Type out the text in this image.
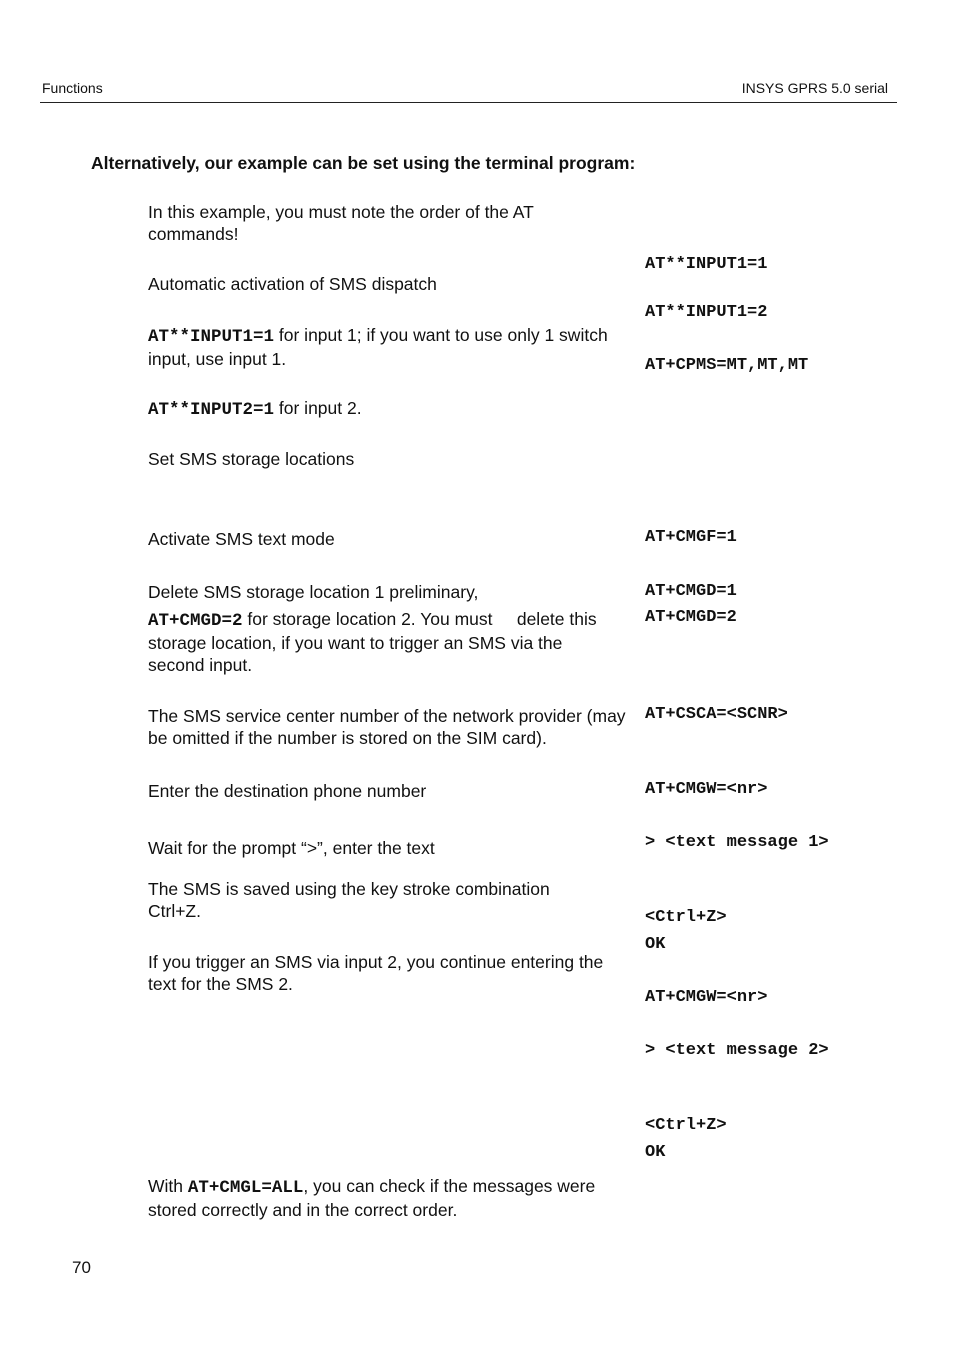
Functions	INSYS GPRS 5.0 serial
Alternatively, our example can be set using the terminal program:
In this example, you must note the order of the AT commands!
Automatic activation of SMS dispatch
AT**INPUT1=1 for input 1; if you want to use only 1 switch input, use input 1.
AT**INPUT2=1 for input 2.
Set SMS storage locations
Activate SMS text mode
Delete SMS storage location 1 preliminary,
AT+CMGD=2 for storage location 2. You must     delete this storage location, if you want to trigger an SMS via the second input.
The SMS service center number of the network provider (may be omitted if the number is stored on the SIM card).
Enter the destination phone number
Wait for the prompt “>”, enter the text
The SMS is saved using the key stroke combination Ctrl+Z.
If you trigger an SMS via input 2, you continue entering the text for the SMS 2.
With AT+CMGL=ALL, you can check if the messages were stored correctly and in the correct order.
AT**INPUT1=1
AT**INPUT1=2
AT+CPMS=MT,MT,MT
AT+CMGF=1
AT+CMGD=1
AT+CMGD=2
AT+CSCA=<SCNR>
AT+CMGW=<nr>
> <text message 1>
<Ctrl+Z>
OK
AT+CMGW=<nr>
> <text message 2>
<Ctrl+Z>
OK
70
